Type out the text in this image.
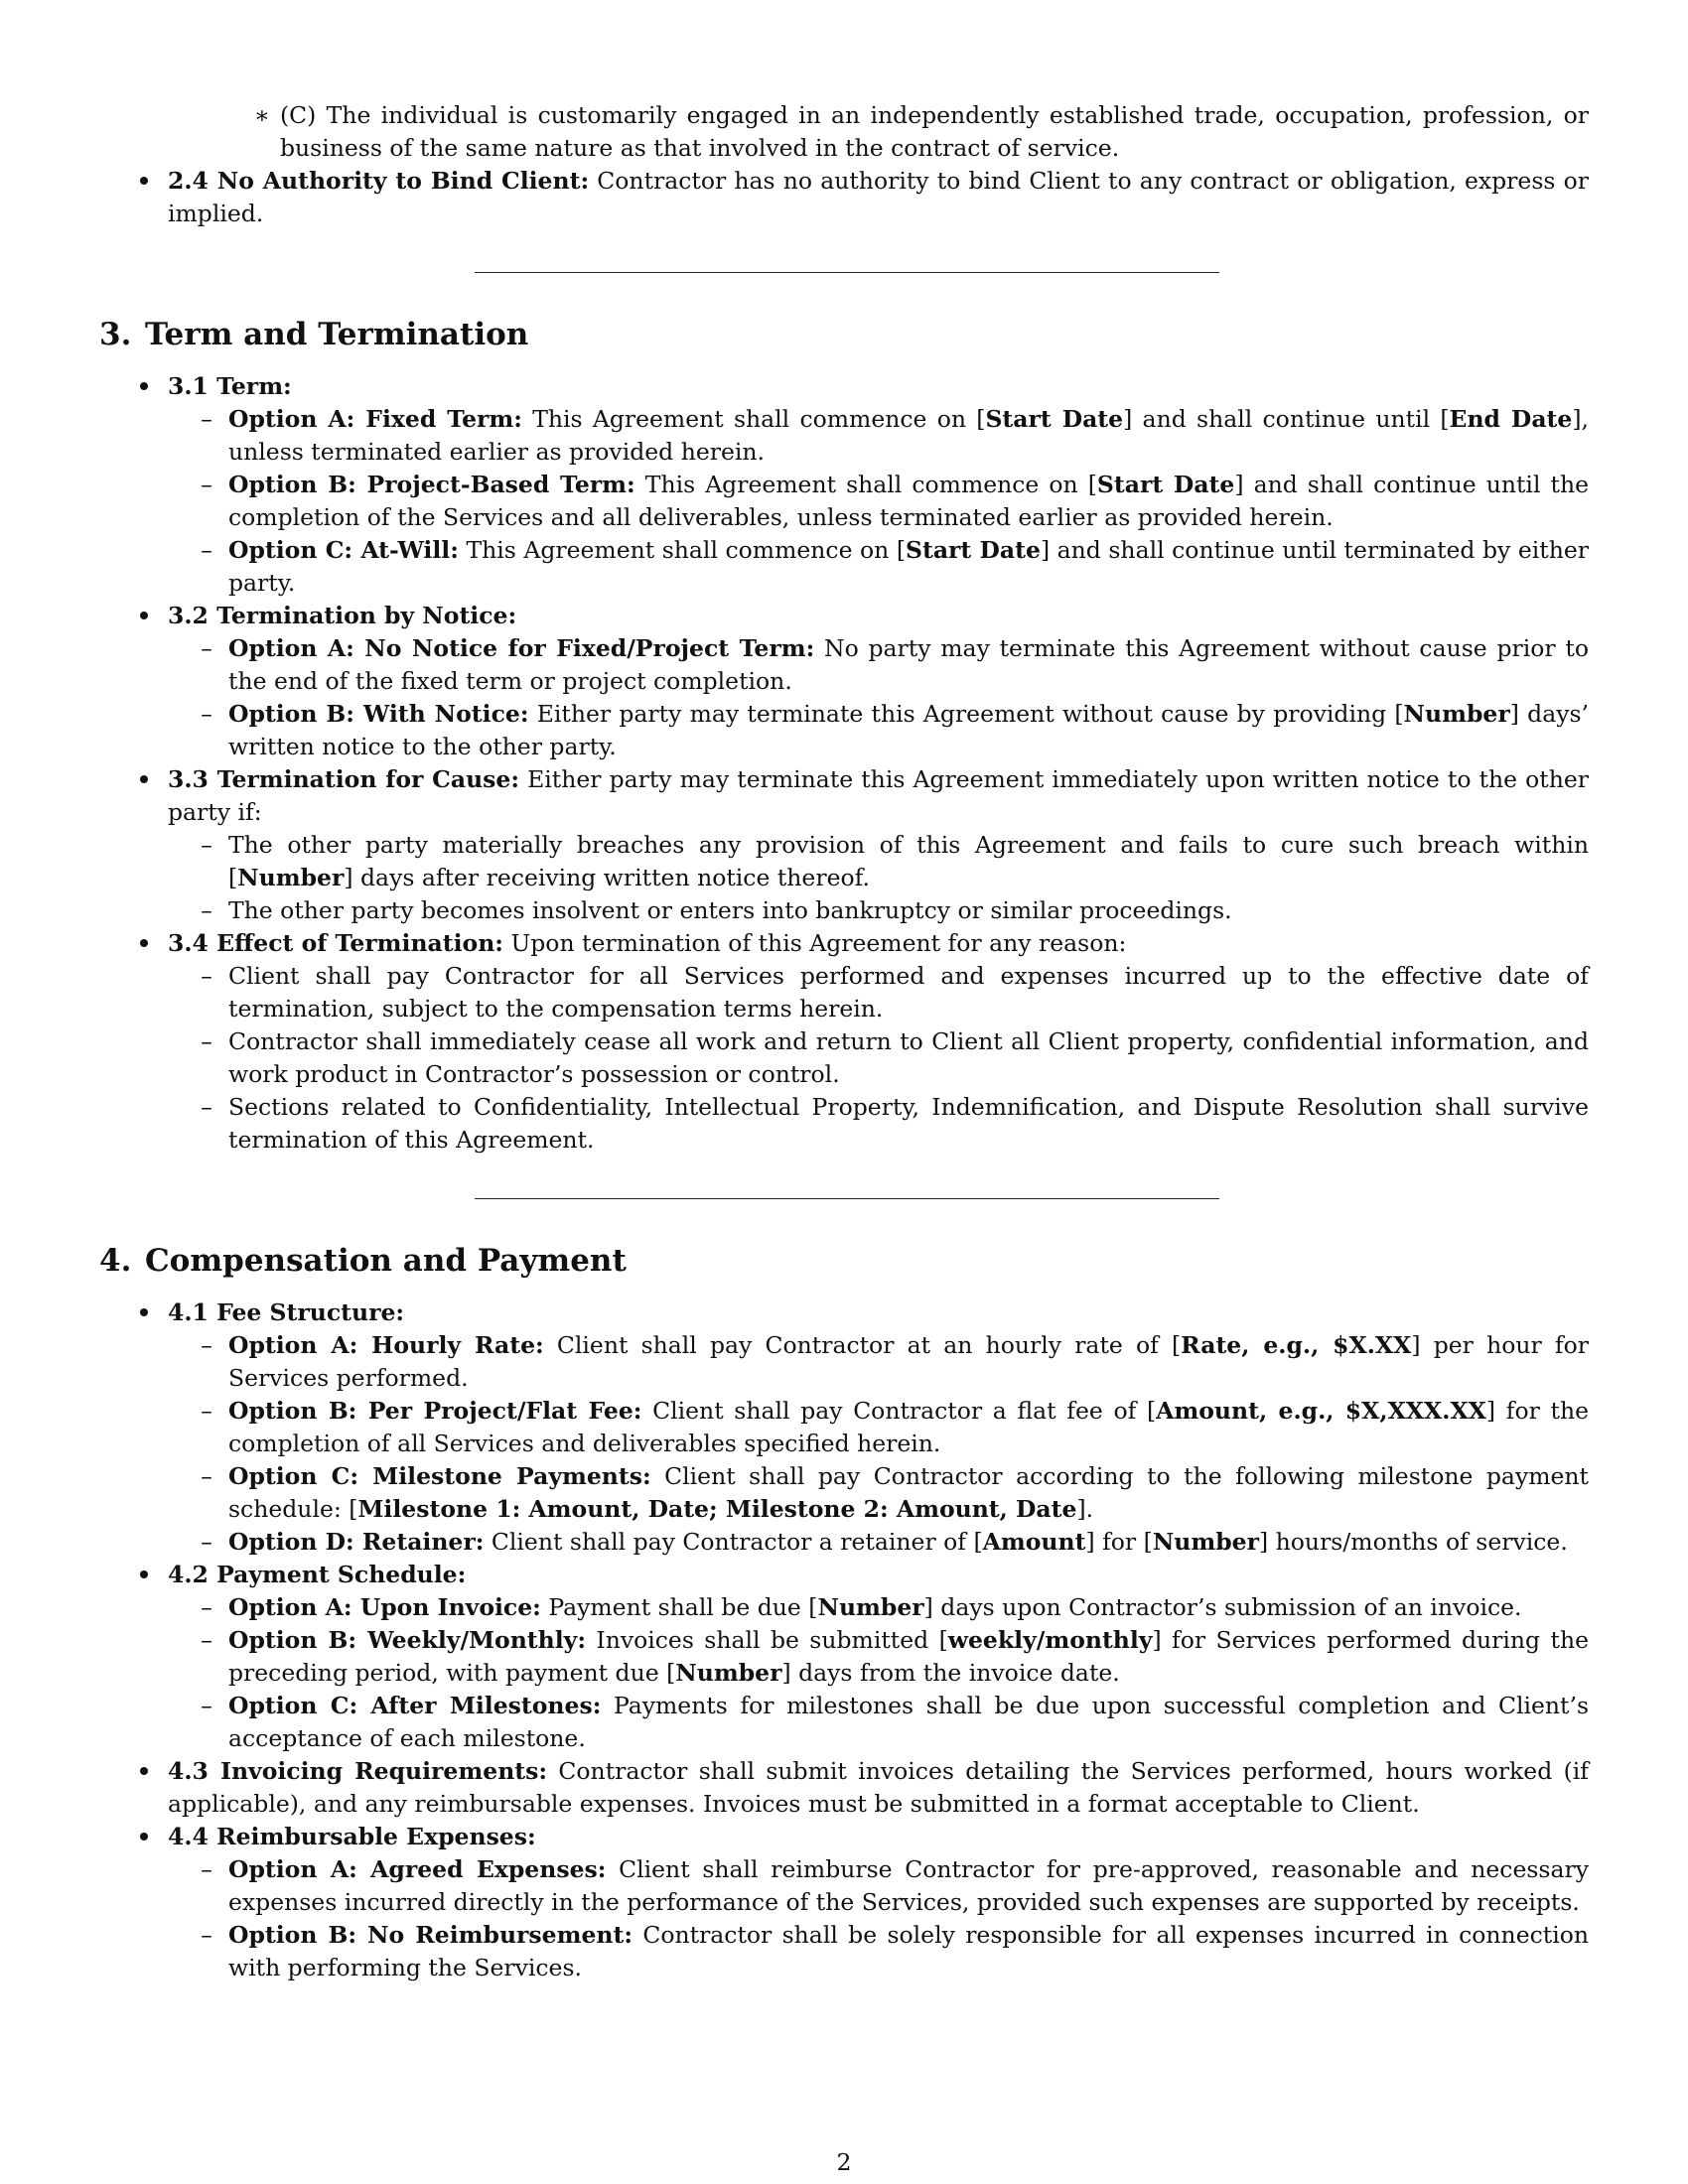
∗ (C) The individual is customarily engaged in an independently established trade, occupation, profession, or business of the same nature as that involved in the contract of service.
2.4 No Authority to Bind Client: Contractor has no authority to bind Client to any contract or obligation, express or implied.
3. Term and Termination
3.1 Term:
– Option A: Fixed Term: This Agreement shall commence on [Start Date] and shall continue until [End Date], unless terminated earlier as provided herein.
– Option B: Project-Based Term: This Agreement shall commence on [Start Date] and shall continue until the completion of the Services and all deliverables, unless terminated earlier as provided herein.
– Option C: At-Will: This Agreement shall commence on [Start Date] and shall continue until terminated by either party.
3.2 Termination by Notice:
– Option A: No Notice for Fixed/Project Term: No party may terminate this Agreement without cause prior to the end of the fixed term or project completion.
– Option B: With Notice: Either party may terminate this Agreement without cause by providing [Number] days’ written notice to the other party.
3.3 Termination for Cause: Either party may terminate this Agreement immediately upon written notice to the other party if:
– The other party materially breaches any provision of this Agreement and fails to cure such breach within [Number] days after receiving written notice thereof.
– The other party becomes insolvent or enters into bankruptcy or similar proceedings.
3.4 Effect of Termination: Upon termination of this Agreement for any reason:
– Client shall pay Contractor for all Services performed and expenses incurred up to the effective date of termination, subject to the compensation terms herein.
– Contractor shall immediately cease all work and return to Client all Client property, confidential information, and work product in Contractor’s possession or control.
– Sections related to Confidentiality, Intellectual Property, Indemnification, and Dispute Resolution shall survive termination of this Agreement.
4. Compensation and Payment
4.1 Fee Structure:
– Option A: Hourly Rate: Client shall pay Contractor at an hourly rate of [Rate, e.g., $X.XX] per hour for Services performed.
– Option B: Per Project/Flat Fee: Client shall pay Contractor a flat fee of [Amount, e.g., $X,XXX.XX] for the completion of all Services and deliverables specified herein.
– Option C: Milestone Payments: Client shall pay Contractor according to the following milestone payment schedule: [Milestone 1: Amount, Date; Milestone 2: Amount, Date].
– Option D: Retainer: Client shall pay Contractor a retainer of [Amount] for [Number] hours/months of service.
4.2 Payment Schedule:
– Option A: Upon Invoice: Payment shall be due [Number] days upon Contractor’s submission of an invoice.
– Option B: Weekly/Monthly: Invoices shall be submitted [weekly/monthly] for Services performed during the preceding period, with payment due [Number] days from the invoice date.
– Option C: After Milestones: Payments for milestones shall be due upon successful completion and Client’s acceptance of each milestone.
4.3 Invoicing Requirements: Contractor shall submit invoices detailing the Services performed, hours worked (if applicable), and any reimbursable expenses. Invoices must be submitted in a format acceptable to Client.
4.4 Reimbursable Expenses:
– Option A: Agreed Expenses: Client shall reimburse Contractor for pre-approved, reasonable and necessary expenses incurred directly in the performance of the Services, provided such expenses are supported by receipts.
– Option B: No Reimbursement: Contractor shall be solely responsible for all expenses incurred in connection with performing the Services.
2
